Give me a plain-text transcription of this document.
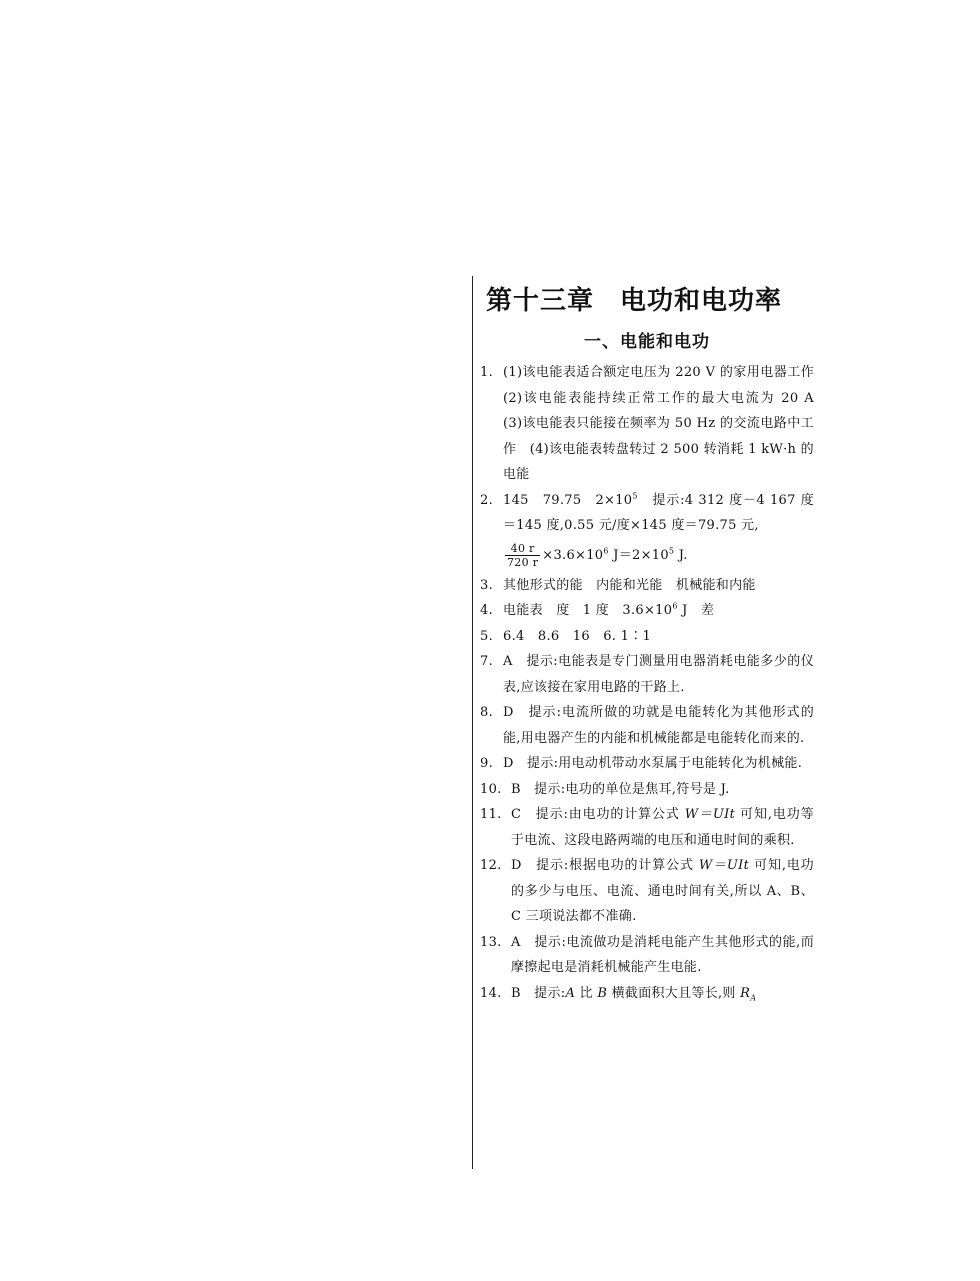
第十三章 电功和电功率
一、电能和电功
1. (1)该电能表适合额定电压为 220 V 的家用电器工作　(2)该电能表能持续正常工作的最大电流为 20 A　(3)该电能表只能接在频率为 50 Hz 的交流电路中工作　(4)该电能表转盘转过 2 500 转消耗 1 kW·h 的电能
2. 145 79.75 $2\times 10^5$ 提示:4 312 度－4 167 度＝145 度,0.55 元/度×145 度＝79.75 元,
$\frac{40 r}{720 r} \times 3.6\times 10^6$ $J=2\times 10^5$ J.
3. 其他形式的能　内能和光能　机械能和内能
4. 电能表　度　1 度　$3.6\times 10^6$ J　差
5. 6.4　8.6　16　6. 1∶1
7. A　提示:电能表是专门测量用电器消耗电能多少的仪表,应该接在家用电路的干路上.
8. D　提示:电流所做的功就是电能转化为其他形式的能,用电器产生的内能和机械能都是电能转化而来的.
9. D　提示:用电动机带动水泵属于电能转化为机械能.
10. B　提示:电功的单位是焦耳,符号是 J.
11. C　提示:由电功的计算公式 W＝UIt 可知,电功等于电流、这段电路两端的电压和通电时间的乘积.
12. D　提示:根据电功的计算公式 W＝UIt 可知,电功的多少与电压、电流、通电时间有关,所以 A、B、C 三项说法都不准确.
13. A　提示:电流做功是消耗电能产生其他形式的能,而摩擦起电是消耗机械能产生电能.
14. B　提示:A 比 B 横截面积大且等长,则 $R_A$
